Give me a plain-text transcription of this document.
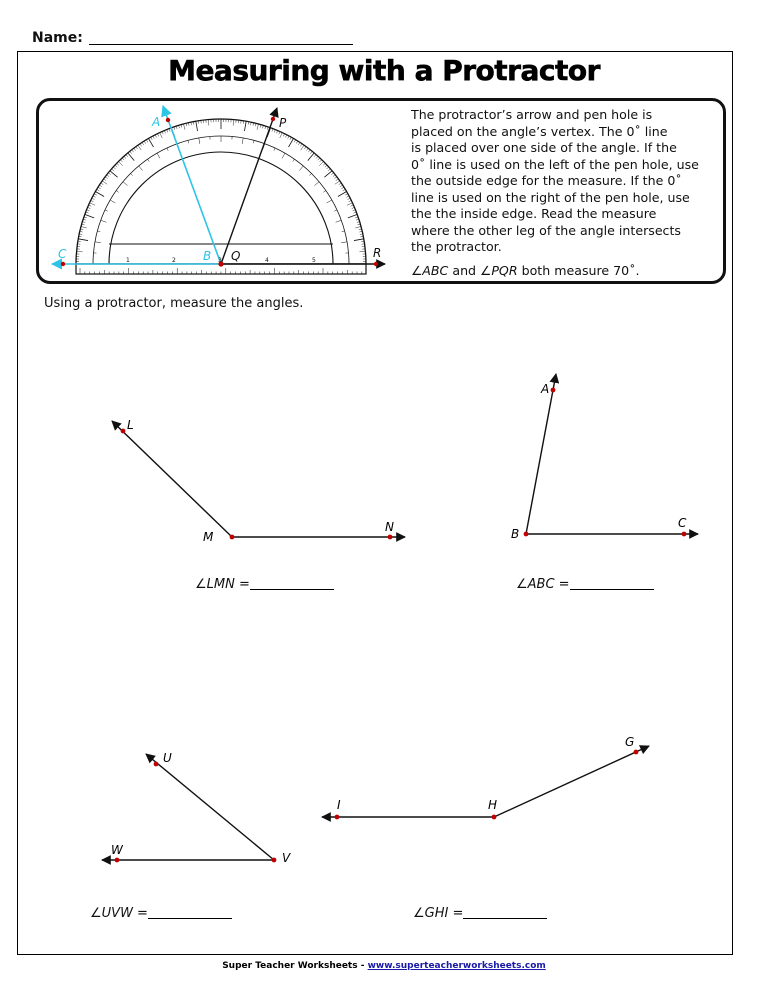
Name:
Measuring with a Protractor
The protractor’s arrow and pen hole is
placed on the angle’s vertex. The 0˚ line
is placed over one side of the angle. If the
0˚ line is used on the left of the pen hole, use
the outside edge for the measure. If the 0˚
line is used on the right of the pen hole, use
the the inside edge. Read the measure
where the other leg of the angle intersects
the protractor.
∠ABC and ∠PQR both measure 70˚.
Using a protractor, measure the angles.
A
B
C
P
Q	R
1	2	3	4	5
L
M
N
A
B
C
U
V
W
G
H
I
∠LMN =	∠ABC =
∠UVW =	∠GHI =
Super Teacher Worksheets - www.superteacherworksheets.com
